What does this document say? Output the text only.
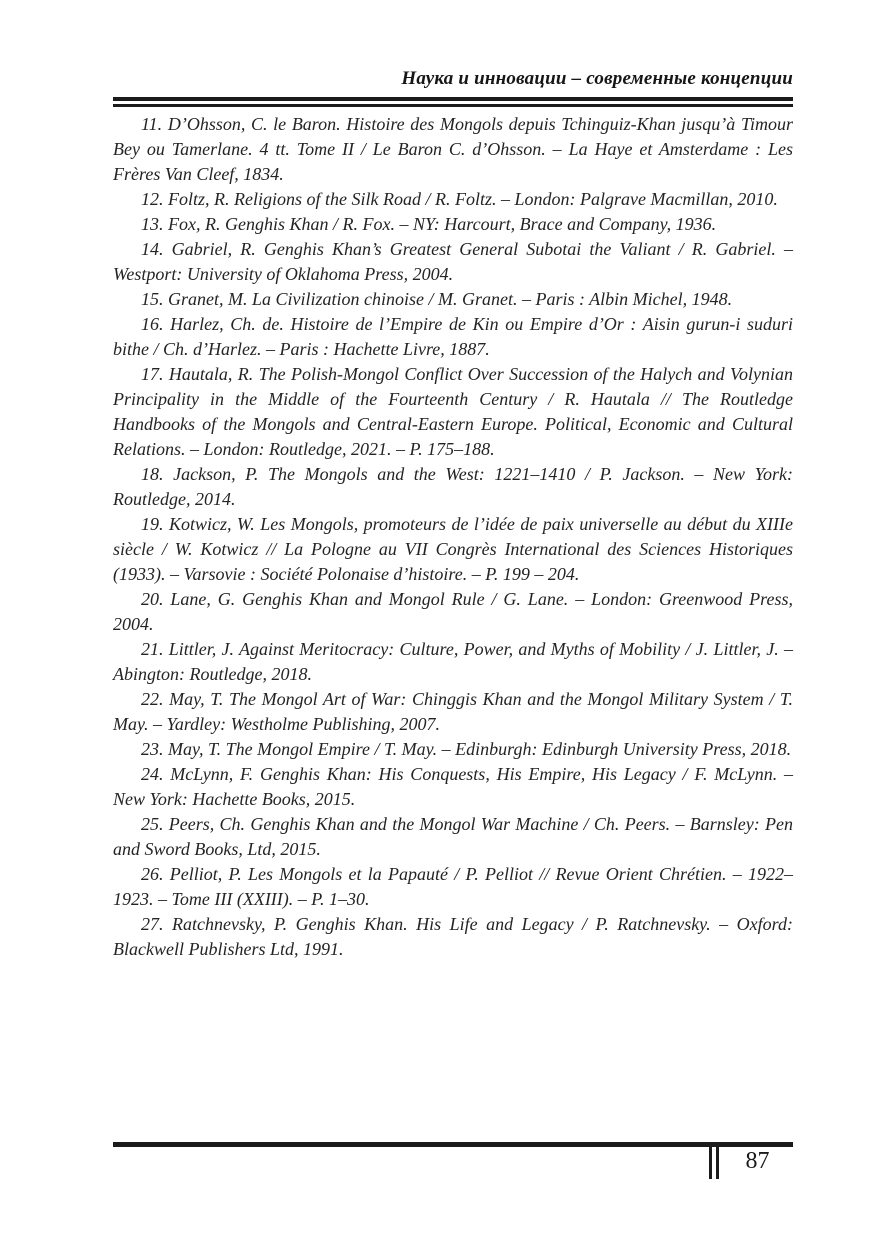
Наука и инновации – современные концепции

11. D’Ohsson, C. le Baron. Histoire des Mongols depuis Tchinguiz-Khan jusqu’à Timour Bey ou Tamerlane. 4 tt. Tome II / Le Baron C. d’Ohsson. – La Haye et Amsterdame : Les Frères Van Cleef, 1834.

12. Foltz, R. Religions of the Silk Road / R. Foltz. – London: Palgrave Macmillan, 2010.

13. Fox, R. Genghis Khan / R. Fox. – NY: Harcourt, Brace and Company, 1936.

14. Gabriel, R. Genghis Khan’s Greatest General Subotai the Valiant / R. Gabriel. – Westport: University of Oklahoma Press, 2004.

15. Granet, M. La Civilization chinoise / M. Granet. – Paris : Albin Michel, 1948.

16. Harlez, Ch. de. Histoire de l’Empire de Kin ou Empire d’Or : Aisin gurun-i suduri bithe / Ch. d’Harlez. – Paris : Hachette Livre, 1887.

17. Hautala, R. The Polish-Mongol Conflict Over Succession of the Halych and Volynian Principality in the Middle of the Fourteenth Century / R. Hautala // The Routledge Handbooks of the Mongols and Central-Eastern Europe. Political, Economic and Cultural Relations. – London: Routledge, 2021. – P. 175–188.

18. Jackson, P. The Mongols and the West: 1221–1410 / P. Jackson. – New York: Routledge, 2014.

19. Kotwicz, W. Les Mongols, promoteurs de l’idée de paix universelle au début du XIIIe siècle / W. Kotwicz // La Pologne au VII Congrès International des Sciences Historiques (1933). – Varsovie : Société Polonaise d’histoire. – P. 199 – 204.

20. Lane, G. Genghis Khan and Mongol Rule / G. Lane. – London: Greenwood Press, 2004.

21. Littler, J. Against Meritocracy: Culture, Power, and Myths of Mobility / J. Littler, J. – Abington: Routledge, 2018.

22. May, T. The Mongol Art of War: Chinggis Khan and the Mongol Military System / T. May. – Yardley: Westholme Publishing, 2007.

23. May, T. The Mongol Empire / T. May. – Edinburgh: Edinburgh University Press, 2018.

24. McLynn, F. Genghis Khan: His Conquests, His Empire, His Legacy / F. McLynn. – New York: Hachette Books, 2015.

25. Peers, Ch. Genghis Khan and the Mongol War Machine / Ch. Peers. – Barnsley: Pen and Sword Books, Ltd, 2015.

26. Pelliot, P. Les Mongols et la Papauté / P. Pelliot // Revue Orient Chrétien. – 1922–1923. – Tome III (XXIII). – P. 1–30.

27. Ratchnevsky, P. Genghis Khan. His Life and Legacy / P. Ratchnevsky. – Oxford: Blackwell Publishers Ltd, 1991.

87
